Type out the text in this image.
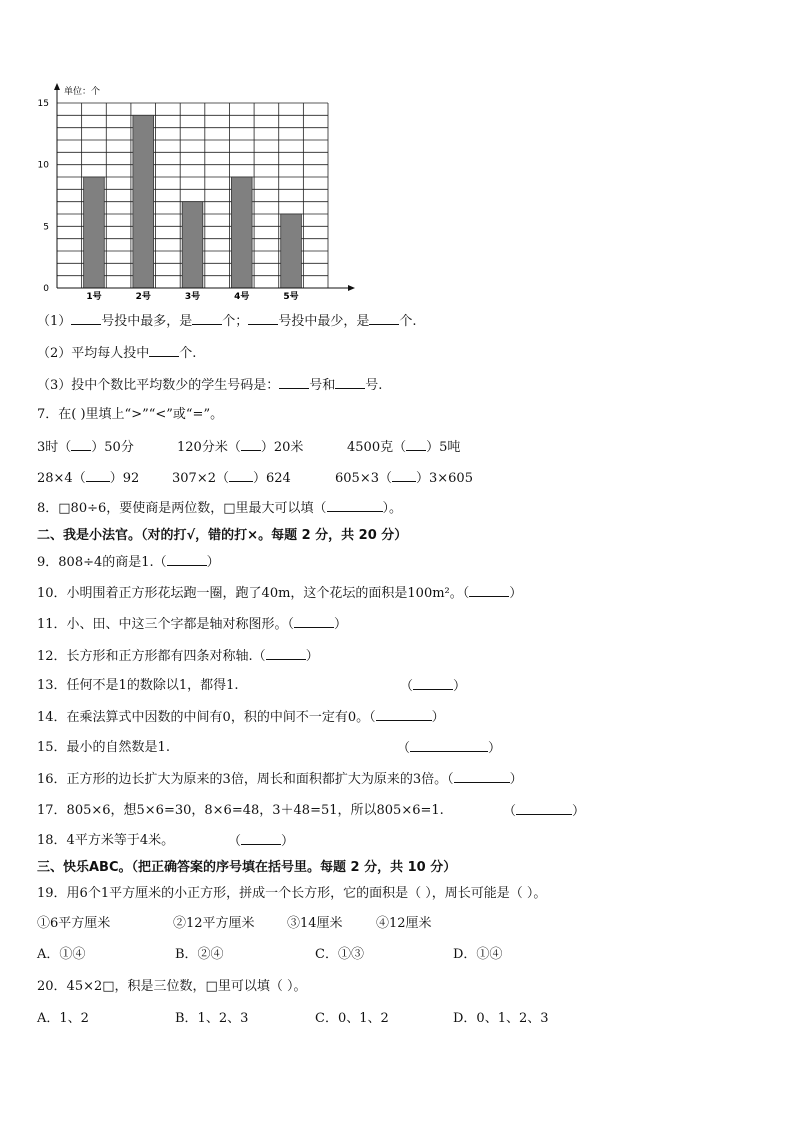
0
5
10
15
1号	2号	3号	4号	5号
单位：个
（1） 号投中最多，是 个； 号投中最少，是 个.
（2）平均每人投中 个.
（3）投中个数比平均数少的学生号码是： 号和 号.
7．在( )里填上“>”“<”或“=”。
3时（ ）50分	120分米（ ）20米	4500克（ ）5吨
28×4（ ）92	307×2（ ）624	605×3（ ）3×605
8．□80÷6，要使商是两位数，□里最大可以填（	）。
二、我是小法官。（对的打√，错的打×。每题 2 分，共 20 分）
9．808÷4的商是1.（	）
10．小明围着正方形花坛跑一圈，跑了40m，这个花坛的面积是100m²。（	）
11．小、田、中这三个字都是轴对称图形。（	）
12．长方形和正方形都有四条对称轴.（	）
13．任何不是1的数除以1，都得1.	（	）
14．在乘法算式中因数的中间有0，积的中间不一定有0。（	）
15．最小的自然数是1.	（	）
16．正方形的边长扩大为原来的3倍，周长和面积都扩大为原来的3倍。（	）
17．805×6，想5×6=30，8×6=48，3＋48=51，所以805×6=1.	（	）
18．4平方米等于4米。	（	）
三、快乐ABC。（把正确答案的序号填在括号里。每题 2 分，共 10 分）
19．用6个1平方厘米的小正方形，拼成一个长方形，它的面积是（ ），周长可能是（ ）。
①6平方厘米	②12平方厘米 ③14厘米	④12厘米
A．①④	B．②④	C．①③	D．①④
20．45×2□，积是三位数，□里可以填（ ）。
A．1、2	B．1、2、3	C．0、1、2	D．0、1、2、3
